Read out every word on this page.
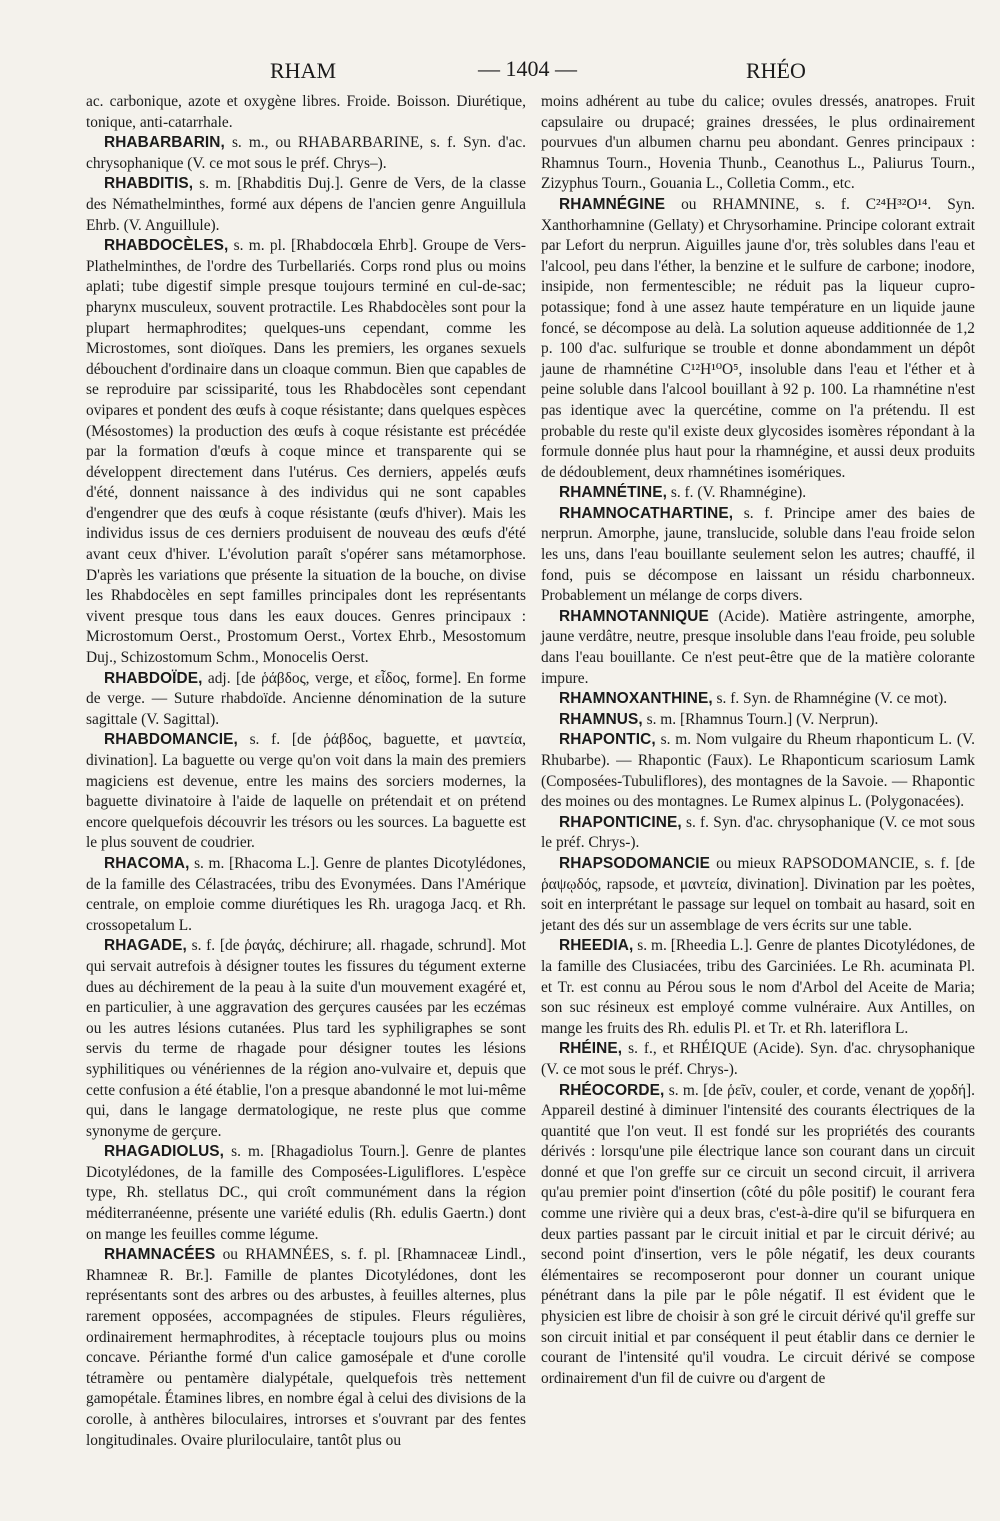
RHAM	— 1404 —	RHÉO

ac. carbonique, azote et oxygène libres. Froide. Boisson. Diurétique, tonique, anti-catarrhale.

RHABARBARIN, s. m., ou RHABARBARINE, s. f. Syn. d'ac. chrysophanique (V. ce mot sous le préf. Chrys–).

RHABDITIS, s. m. [Rhabditis Duj.]. Genre de Vers, de la classe des Némathelminthes, formé aux dépens de l'ancien genre Anguillula Ehrb. (V. Anguillule).

RHABDOCÈLES, s. m. pl. [Rhabdocœla Ehrb]. Groupe de Vers-Plathelminthes, de l'ordre des Turbellariés. Corps rond plus ou moins aplati; tube digestif simple presque toujours terminé en cul-de-sac; pharynx musculeux, souvent protractile. Les Rhabdocèles sont pour la plupart hermaphrodites; quelques-uns cependant, comme les Microstomes, sont dioïques. Dans les premiers, les organes sexuels débouchent d'ordinaire dans un cloaque commun. Bien que capables de se reproduire par scissiparité, tous les Rhabdocèles sont cependant ovipares et pondent des œufs à coque résistante; dans quelques espèces (Mésostomes) la production des œufs à coque résistante est précédée par la formation d'œufs à coque mince et transparente qui se développent directement dans l'utérus. Ces derniers, appelés œufs d'été, donnent naissance à des individus qui ne sont capables d'engendrer que des œufs à coque résistante (œufs d'hiver). Mais les individus issus de ces derniers produisent de nouveau des œufs d'été avant ceux d'hiver. L'évolution paraît s'opérer sans métamorphose. D'après les variations que présente la situation de la bouche, on divise les Rhabdocèles en sept familles principales dont les représentants vivent presque tous dans les eaux douces. Genres principaux : Microstomum Oerst., Prostomum Oerst., Vortex Ehrb., Mesostomum Duj., Schizostomum Schm., Monocelis Oerst.

RHABDOÏDE, adj. [de ῥάβδος, verge, et εἶδος, forme]. En forme de verge. — Suture rhabdoïde. Ancienne dénomination de la suture sagittale (V. Sagittal).

RHABDOMANCIE, s. f. [de ῥάβδος, baguette, et μαντεία, divination]. La baguette ou verge qu'on voit dans la main des premiers magiciens est devenue, entre les mains des sorciers modernes, la baguette divinatoire à l'aide de laquelle on prétendait et on prétend encore quelquefois découvrir les trésors ou les sources. La baguette est le plus souvent de coudrier.

RHACOMA, s. m. [Rhacoma L.]. Genre de plantes Dicotylédones, de la famille des Célastracées, tribu des Evonymées. Dans l'Amérique centrale, on emploie comme diurétiques les Rh. uragoga Jacq. et Rh. crossopetalum L.

RHAGADE, s. f. [de ῥαγάς, déchirure; all. rhagade, schrund]. Mot qui servait autrefois à désigner toutes les fissures du tégument externe dues au déchirement de la peau à la suite d'un mouvement exagéré et, en particulier, à une aggravation des gerçures causées par les eczémas ou les autres lésions cutanées. Plus tard les syphiligraphes se sont servis du terme de rhagade pour désigner toutes les lésions syphilitiques ou vénériennes de la région ano-vulvaire et, depuis que cette confusion a été établie, l'on a presque abandonné le mot lui-même qui, dans le langage dermatologique, ne reste plus que comme synonyme de gerçure.

RHAGADIOLUS, s. m. [Rhagadiolus Tourn.]. Genre de plantes Dicotylédones, de la famille des Composées-Liguliflores. L'espèce type, Rh. stellatus DC., qui croît communément dans la région méditerranéenne, présente une variété edulis (Rh. edulis Gaertn.) dont on mange les feuilles comme légume.

RHAMNACÉES ou RHAMNÉES, s. f. pl. [Rhamnaceæ Lindl., Rhamneæ R. Br.]. Famille de plantes Dicotylédones, dont les représentants sont des arbres ou des arbustes, à feuilles alternes, plus rarement opposées, accompagnées de stipules. Fleurs régulières, ordinairement hermaphrodites, à réceptacle toujours plus ou moins concave. Périanthe formé d'un calice gamosépale et d'une corolle tétramère ou pentamère dialypétale, quelquefois très nettement gamopétale. Étamines libres, en nombre égal à celui des divisions de la corolle, à anthères biloculaires, introrses et s'ouvrant par des fentes longitudinales. Ovaire pluriloculaire, tantôt plus ou

moins adhérent au tube du calice; ovules dressés, anatropes. Fruit capsulaire ou drupacé; graines dressées, le plus ordinairement pourvues d'un albumen charnu peu abondant. Genres principaux : Rhamnus Tourn., Hovenia Thunb., Ceanothus L., Paliurus Tourn., Zizyphus Tourn., Gouania L., Colletia Comm., etc.

RHAMNÉGINE ou RHAMNINE, s. f. C²⁴H³²O¹⁴. Syn. Xanthorhamnine (Gellaty) et Chrysorhamine. Principe colorant extrait par Lefort du nerprun. Aiguilles jaune d'or, très solubles dans l'eau et l'alcool, peu dans l'éther, la benzine et le sulfure de carbone; inodore, insipide, non fermentescible; ne réduit pas la liqueur cupro-potassique; fond à une assez haute température en un liquide jaune foncé, se décompose au delà. La solution aqueuse additionnée de 1,2 p. 100 d'ac. sulfurique se trouble et donne abondamment un dépôt jaune de rhamnétine C¹²H¹⁰O⁵, insoluble dans l'eau et l'éther et à peine soluble dans l'alcool bouillant à 92 p. 100. La rhamnétine n'est pas identique avec la quercétine, comme on l'a prétendu. Il est probable du reste qu'il existe deux glycosides isomères répondant à la formule donnée plus haut pour la rhamnégine, et aussi deux produits de dédoublement, deux rhamnétines isomériques.

RHAMNÉTINE, s. f. (V. Rhamnégine).

RHAMNOCATHARTINE, s. f. Principe amer des baies de nerprun. Amorphe, jaune, translucide, soluble dans l'eau froide selon les uns, dans l'eau bouillante seulement selon les autres; chauffé, il fond, puis se décompose en laissant un résidu charbonneux. Probablement un mélange de corps divers.

RHAMNOTANNIQUE (Acide). Matière astringente, amorphe, jaune verdâtre, neutre, presque insoluble dans l'eau froide, peu soluble dans l'eau bouillante. Ce n'est peut-être que de la matière colorante impure.

RHAMNOXANTHINE, s. f. Syn. de Rhamnégine (V. ce mot).

RHAMNUS, s. m. [Rhamnus Tourn.] (V. Nerprun).

RHAPONTIC, s. m. Nom vulgaire du Rheum rhaponticum L. (V. Rhubarbe). — Rhapontic (Faux). Le Rhaponticum scariosum Lamk (Composées-Tubuliflores), des montagnes de la Savoie. — Rhapontic des moines ou des montagnes. Le Rumex alpinus L. (Polygonacées).

RHAPONTICINE, s. f. Syn. d'ac. chrysophanique (V. ce mot sous le préf. Chrys-).

RHAPSODOMANCIE ou mieux RAPSODOMANCIE, s. f. [de ῥαψῳδός, rapsode, et μαντεία, divination]. Divination par les poètes, soit en interprétant le passage sur lequel on tombait au hasard, soit en jetant des dés sur un assemblage de vers écrits sur une table.

RHEEDIA, s. m. [Rheedia L.]. Genre de plantes Dicotylédones, de la famille des Clusiacées, tribu des Garciniées. Le Rh. acuminata Pl. et Tr. est connu au Pérou sous le nom d'Arbol del Aceite de Maria; son suc résineux est employé comme vulnéraire. Aux Antilles, on mange les fruits des Rh. edulis Pl. et Tr. et Rh. lateriflora L.

RHÉINE, s. f., et RHÉIQUE (Acide). Syn. d'ac. chrysophanique (V. ce mot sous le préf. Chrys-).

RHÉOCORDE, s. m. [de ῥεῖν, couler, et corde, venant de χορδή]. Appareil destiné à diminuer l'intensité des courants électriques de la quantité que l'on veut. Il est fondé sur les propriétés des courants dérivés : lorsqu'une pile électrique lance son courant dans un circuit donné et que l'on greffe sur ce circuit un second circuit, il arrivera qu'au premier point d'insertion (côté du pôle positif) le courant fera comme une rivière qui a deux bras, c'est-à-dire qu'il se bifurquera en deux parties passant par le circuit initial et par le circuit dérivé; au second point d'insertion, vers le pôle négatif, les deux courants élémentaires se recomposeront pour donner un courant unique pénétrant dans la pile par le pôle négatif. Il est évident que le physicien est libre de choisir à son gré le circuit dérivé qu'il greffe sur son circuit initial et par conséquent il peut établir dans ce dernier le courant de l'intensité qu'il voudra. Le circuit dérivé se compose ordinairement d'un fil de cuivre ou d'argent de
